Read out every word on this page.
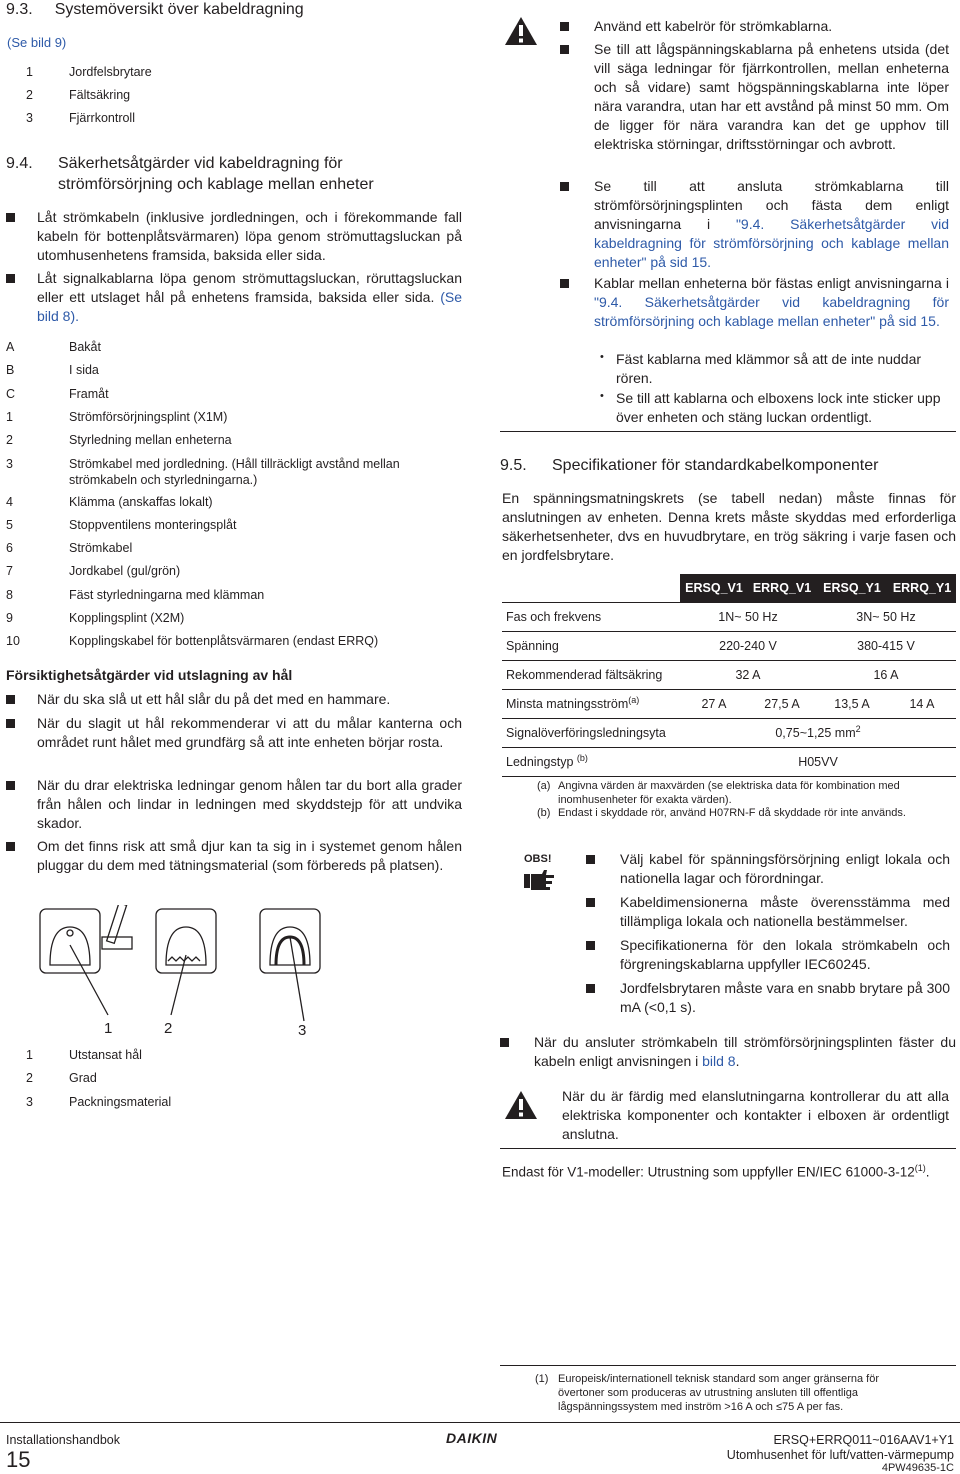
9.3. Systemöversikt över kabeldragning
(Se bild 9)
1	Jordfelsbrytare
2	Fältsäkring
3	Fjärrkontroll
9.4. Säkerhetsåtgärder vid kabeldragning för
strömförsörjning och kablage mellan enheter
Låt strömkabeln (inklusive jordledningen, och i förekommande fall kabeln för bottenplåtsvärmaren) löpa genom strömuttagsluckan på utomhusenhetens framsida, baksida eller sida.
Låt signalkablarna löpa genom strömuttagsluckan, röruttagsluckan eller ett utslaget hål på enhetens framsida, baksida eller sida. (Se bild 8).
A	Bakåt
B	I sida
C	Framåt
1	Strömförsörjningsplint (X1M)
2	Styrledning mellan enheterna
3	Strömkabel med jordledning. (Håll tillräckligt avstånd mellan
strömkabeln och styrledningarna.)
4	Klämma (anskaffas lokalt)
5	Stoppventilens monteringsplåt
6	Strömkabel
7	Jordkabel (gul/grön)
8	Fäst styrledningarna med klämman
9	Kopplingsplint (X2M)
10	Kopplingskabel för bottenplåtsvärmaren (endast ERRQ)
Försiktighetsåtgärder vid utslagning av hål
När du ska slå ut ett hål slår du på det med en hammare.
När du slagit ut hål rekommenderar vi att du målar kanterna och området runt hålet med grundfärg så att inte enheten börjar rosta.
När du drar elektriska ledningar genom hålen tar du bort alla grader från hålen och lindar in ledningen med skyddstejp för att undvika skador.
Om det finns risk att små djur kan ta sig in i systemet genom hålen pluggar du dem med tätningsmaterial (som förbereds på platsen).
1	2	3
1	Utstansat hål
2	Grad
3	Packningsmaterial
Använd ett kabelrör för strömkablarna.
Se till att lågspänningskablarna på enhetens utsida (det vill säga ledningar för fjärrkontrollen, mellan enheterna och så vidare) samt högspänningskablarna inte löper nära varandra, utan har ett avstånd på minst 50 mm. Om de ligger för nära varandra kan det ge upphov till elektriska störningar, driftsstörningar och avbrott.
Se till att ansluta strömkablarna till strömförsörjningsplinten och fästa dem enligt anvisningarna i "9.4. Säkerhetsåtgärder vid kabeldragning för strömförsörjning och kablage mellan enheter" på sid 15.
Kablar mellan enheterna bör fästas enligt anvisningarna i "9.4. Säkerhetsåtgärder vid kabeldragning för strömförsörjning och kablage mellan enheter" på sid 15.
• Fäst kablarna med klämmor så att de inte nuddar rören.
• Se till att kablarna och elboxens lock inte sticker upp över enheten och stäng luckan ordentligt.
9.5. Specifikationer för standardkabelkomponenter
En spänningsmatningskrets (se tabell nedan) måste finnas för anslutningen av enheten. Denna krets måste skyddas med erforderliga säkerhetsenheter, dvs en huvudbrytare, en trög säkring i varje fasen och en jordfelsbrytare.
	ERSQ_V1	ERRQ_V1	ERSQ_Y1	ERRQ_Y1
Fas och frekvens	1N~ 50 Hz		3N~ 50 Hz	
Spänning	220-240 V		380-415 V	
Rekommenderad fältsäkring	32 A		16 A	
Minsta matningsström$^{(a)}$	27 A	27,5 A	13,5 A	14 A
Signalöverföringsledningsyta	0,75~1,25 $mm^2$
Ledningstyp $^{(b)}$	H05VV			
(a) Angivna värden är maxvärden (se elektriska data för kombination med inomhusenheter för exakta värden).
(b) Endast i skyddade rör, använd H07RN-F då skyddade rör inte används.
OBS!	Välj kabel för spänningsförsörjning enligt lokala och nationella lagar och förordningar.
Kabeldimensionerna måste överensstämma med tillämpliga lokala och nationella bestämmelser.
Specifikationerna för den lokala strömkabeln och förgreningskablarna uppfyller IEC60245.
Jordfelsbrytaren måste vara en snabb brytare på 300 mA (<0,1 s).
När du ansluter strömkabeln till strömförsörjningsplinten fäster du kabeln enligt anvisningen i bild 8.
När du är färdig med elanslutningarna kontrollerar du att alla elektriska komponenter och kontakter i elboxen är ordentligt anslutna.
Endast för V1-modeller: Utrustning som uppfyller EN/IEC 61000-3-12$^{(1)}$.
(1) Europeisk/internationell teknisk standard som anger gränserna för övertoner som produceras av utrustning ansluten till offentliga lågspänningssystem med inström >16 A och ≤75 A per fas.
Installationshandbok
15
DAIKIN	ERSQ+ERRQ011~016AAV1+Y1
Utomhusenhet för luft/vatten-värmepump
4PW49635-1C
